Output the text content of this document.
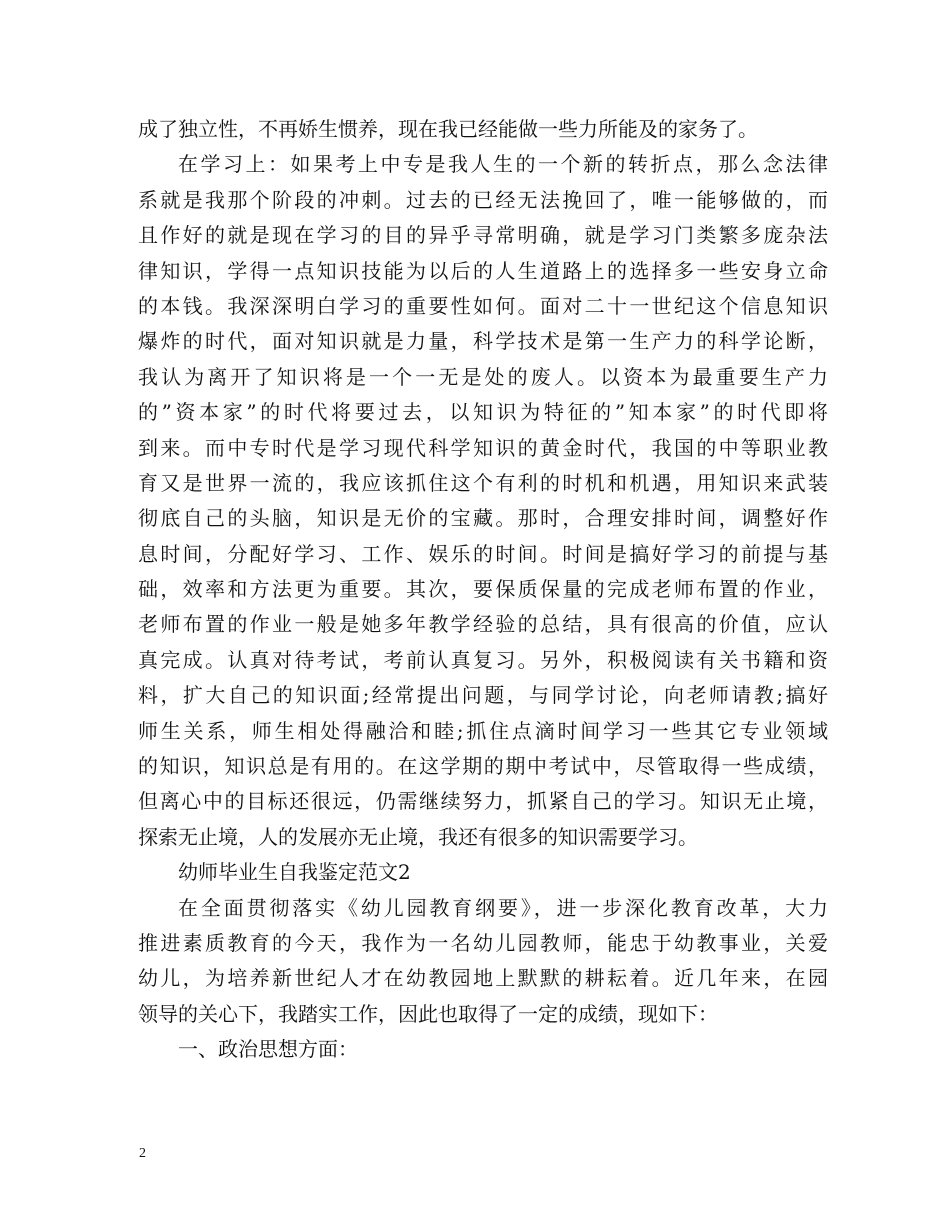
成了独立性，不再娇生惯养，现在我已经能做一些力所能及的家务了。
在学习上：如果考上中专是我人生的一个新的转折点，那么念法律
系就是我那个阶段的冲刺。过去的已经无法挽回了，唯一能够做的，而
且作好的就是现在学习的目的异乎寻常明确，就是学习门类繁多庞杂法
律知识，学得一点知识技能为以后的人生道路上的选择多一些安身立命
的本钱。我深深明白学习的重要性如何。面对二十一世纪这个信息知识
爆炸的时代，面对知识就是力量，科学技术是第一生产力的科学论断，
我认为离开了知识将是一个一无是处的废人。以资本为最重要生产力
的”资本家”的时代将要过去，以知识为特征的”知本家”的时代即将
到来。而中专时代是学习现代科学知识的黄金时代，我国的中等职业教
育又是世界一流的，我应该抓住这个有利的时机和机遇，用知识来武装
彻底自己的头脑，知识是无价的宝藏。那时，合理安排时间，调整好作
息时间，分配好学习、工作、娱乐的时间。时间是搞好学习的前提与基
础，效率和方法更为重要。其次，要保质保量的完成老师布置的作业，
老师布置的作业一般是她多年教学经验的总结，具有很高的价值，应认
真完成。认真对待考试，考前认真复习。另外，积极阅读有关书籍和资
料，扩大自己的知识面;经常提出问题，与同学讨论，向老师请教;搞好
师生关系，师生相处得融洽和睦;抓住点滴时间学习一些其它专业领域
的知识，知识总是有用的。在这学期的期中考试中，尽管取得一些成绩，
但离心中的目标还很远，仍需继续努力，抓紧自己的学习。知识无止境，
探索无止境，人的发展亦无止境，我还有很多的知识需要学习。
幼师毕业生自我鉴定范文2
在全面贯彻落实《幼儿园教育纲要》，进一步深化教育改革，大力
推进素质教育的今天，我作为一名幼儿园教师，能忠于幼教事业，关爱
幼儿，为培养新世纪人才在幼教园地上默默的耕耘着。近几年来，在园
领导的关心下，我踏实工作，因此也取得了一定的成绩，现如下：
一、政治思想方面：
2
